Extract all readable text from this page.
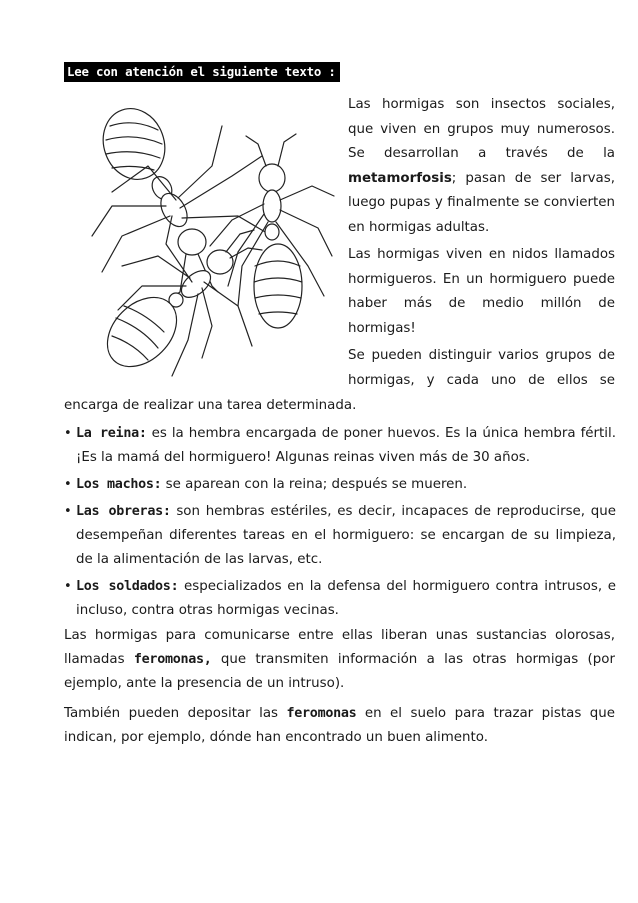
Lee con atención el siguiente texto :

Las hormigas son insectos sociales, que viven en grupos muy numerosos. Se desarrollan a través de la metamorfosis; pasan de ser larvas, luego pupas y finalmente se convierten en hormigas adultas.

Las hormigas viven en nidos llamados hormigueros. En un hormiguero puede haber más de medio millón de hormigas!

Se pueden distinguir varios grupos de hormigas, y cada uno de ellos se

encarga de realizar una tarea determinada.

• La reina: es la hembra encargada de poner huevos. Es la única hembra fértil. ¡Es la mamá del hormiguero! Algunas reinas viven más de 30 años.
• Los machos: se aparean con la reina; después se mueren.
• Las obreras: son hembras estériles, es decir, incapaces de reproducirse, que desempeñan diferentes tareas en el hormiguero: se encargan de su limpieza, de la alimentación de las larvas, etc.
• Los soldados: especializados en la defensa del hormiguero contra intrusos, e incluso, contra otras hormigas vecinas.

Las hormigas para comunicarse entre ellas liberan unas sustancias olorosas, llamadas feromonas, que transmiten información a las otras hormigas (por ejemplo, ante la presencia de un intruso).

También pueden depositar las feromonas en el suelo para trazar pistas que indican, por ejemplo, dónde han encontrado un buen alimento.
